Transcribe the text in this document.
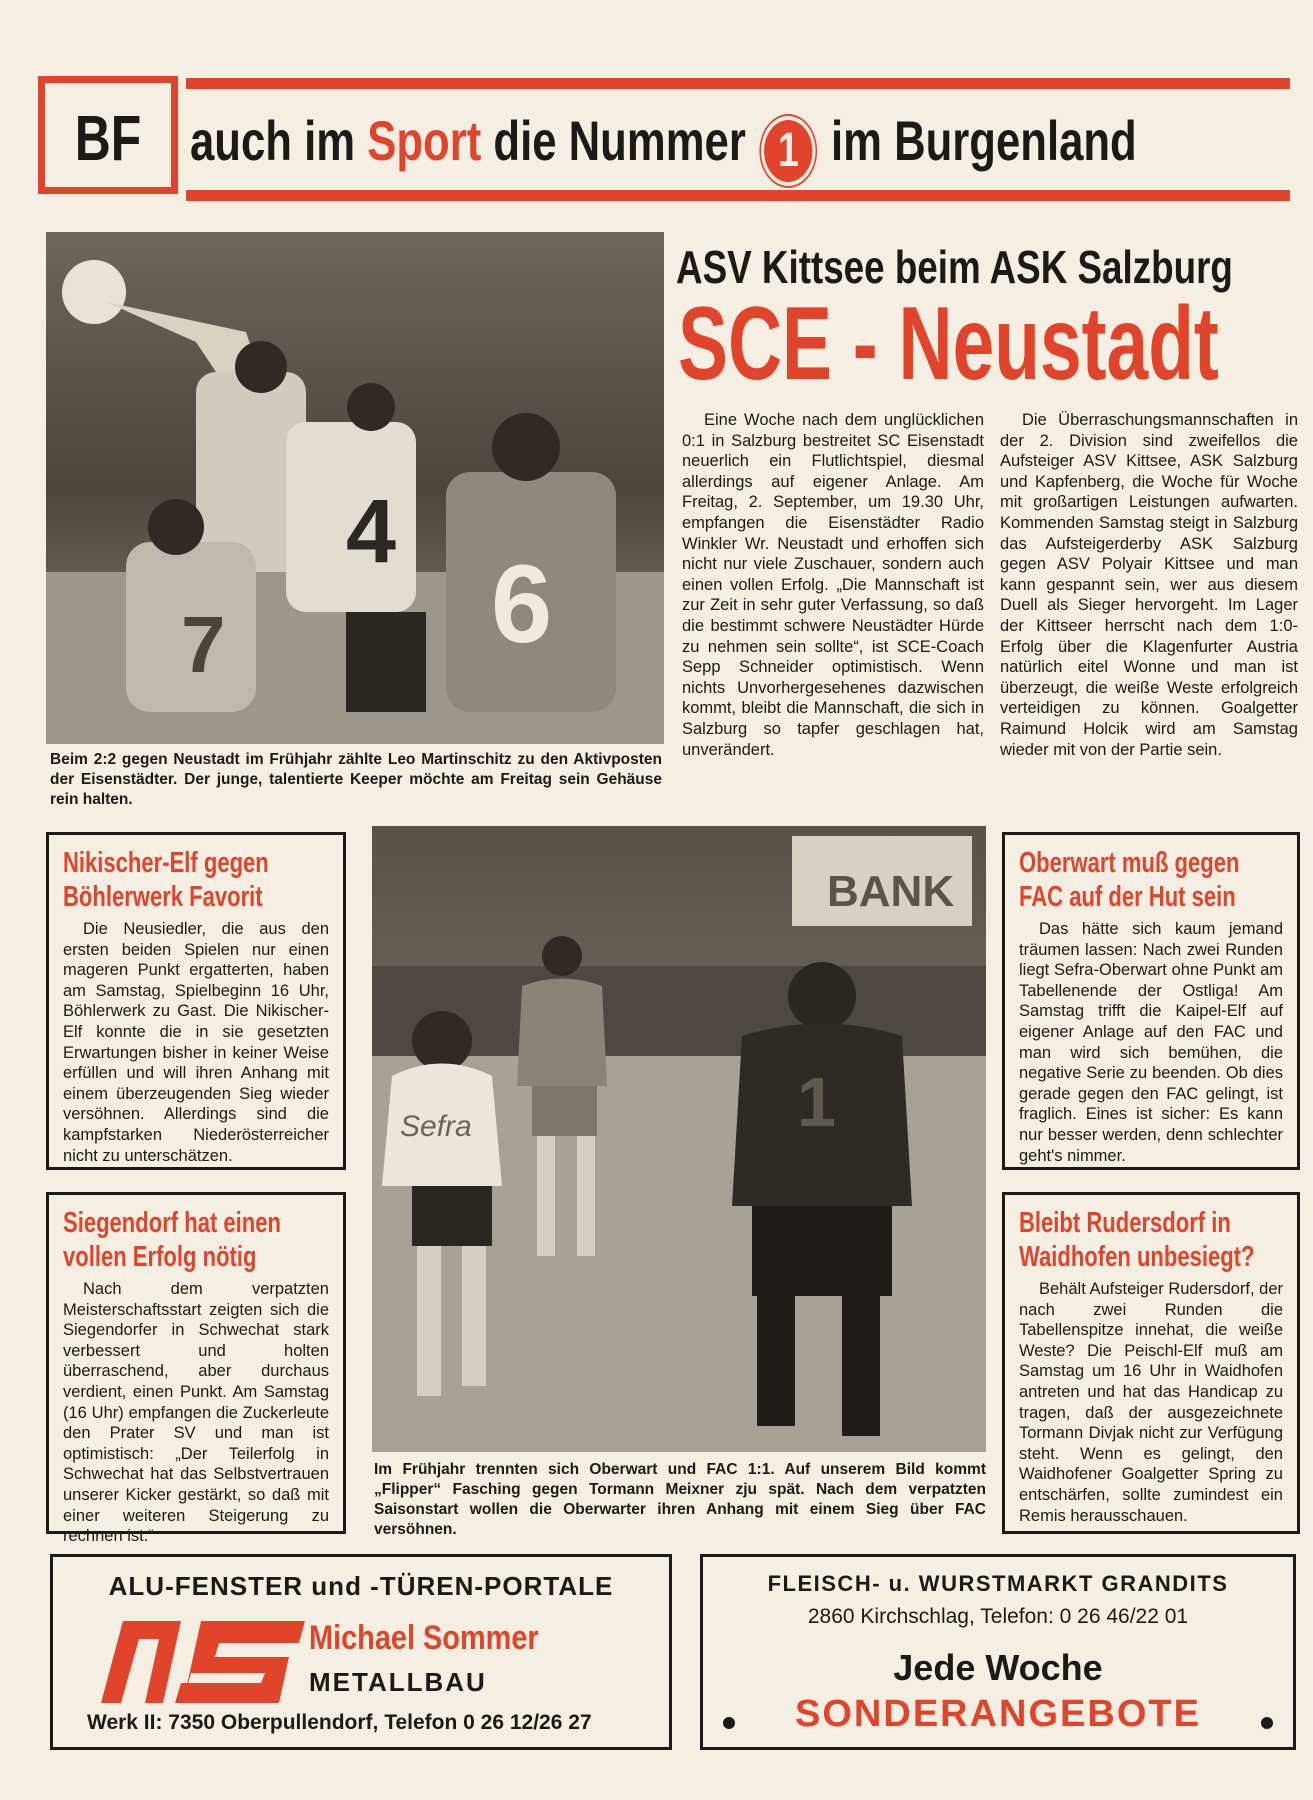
BF auch im Sport die Nummer 1 im Burgenland
4
6
7
Beim 2:2 gegen Neustadt im Frühjahr zählte Leo Martinschitz zu den Aktivposten der Eisenstädter. Der junge, talentierte Keeper möchte am Freitag sein Gehäuse rein halten.
ASV Kittsee beim ASK Salzburg
SCE - Neustadt
Eine Woche nach dem unglücklichen 0:1 in Salzburg bestreitet SC Eisenstadt neuerlich ein Flutlichtspiel, diesmal allerdings auf eigener Anlage. Am Freitag, 2. September, um 19.30 Uhr, empfangen die Eisenstädter Radio Winkler Wr. Neustadt und erhoffen sich nicht nur viele Zuschauer, sondern auch einen vollen Erfolg. „Die Mannschaft ist zur Zeit in sehr guter Verfassung, so daß die bestimmt schwere Neustädter Hürde zu nehmen sein sollte“, ist SCE-Coach Sepp Schneider optimistisch. Wenn nichts Unvorhergesehenes dazwischen kommt, bleibt die Mannschaft, die sich in Salzburg so tapfer geschlagen hat, unverändert.
Die Überraschungsmannschaften in der 2. Division sind zweifellos die Aufsteiger ASV Kittsee, ASK Salzburg und Kapfenberg, die Woche für Woche mit großartigen Leistungen aufwarten. Kommenden Samstag steigt in Salzburg das Aufsteigerderby ASK Salzburg gegen ASV Polyair Kittsee und man kann gespannt sein, wer aus diesem Duell als Sieger hervorgeht. Im Lager der Kittseer herrscht nach dem 1:0-Erfolg über die Klagenfurter Austria natürlich eitel Wonne und man ist überzeugt, die weiße Weste erfolgreich verteidigen zu können. Goalgetter Raimund Holcik wird am Samstag wieder mit von der Partie sein.
Nikischer-Elf gegen
Böhlerwerk Favorit
Die Neusiedler, die aus den ersten beiden Spielen nur einen mageren Punkt ergatterten, haben am Samstag, Spielbeginn 16 Uhr, Böhlerwerk zu Gast. Die Nikischer-Elf konnte die in sie gesetzten Erwartungen bisher in keiner Weise erfüllen und will ihren Anhang mit einem überzeugenden Sieg wieder versöhnen. Allerdings sind die kampfstarken Niederösterreicher nicht zu unterschätzen.
Siegendorf hat einen
vollen Erfolg nötig
Nach dem verpatzten Meisterschaftsstart zeigten sich die Siegendorfer in Schwechat stark verbessert und holten überraschend, aber durchaus verdient, einen Punkt. Am Samstag (16 Uhr) empfangen die Zuckerleute den Prater SV und man ist optimistisch: „Der Teilerfolg in Schwechat hat das Selbstvertrauen unserer Kicker gestärkt, so daß mit einer weiteren Steigerung zu rechnen ist.“
BANK
Sefra	1
Im Frühjahr trennten sich Oberwart und FAC 1:1. Auf unserem Bild kommt „Flipper“ Fasching gegen Tormann Meixner zju spät. Nach dem verpatzten Saisonstart wollen die Oberwarter ihren Anhang mit einem Sieg über FAC versöhnen.
Oberwart muß gegen
FAC auf der Hut sein
Das hätte sich kaum jemand träumen lassen: Nach zwei Runden liegt Sefra-Oberwart ohne Punkt am Tabellenende der Ostliga! Am Samstag trifft die Kaipel-Elf auf eigener Anlage auf den FAC und man wird sich bemühen, die negative Serie zu beenden. Ob dies gerade gegen den FAC gelingt, ist fraglich. Eines ist sicher: Es kann nur besser werden, denn schlechter geht's nimmer.
Bleibt Rudersdorf in
Waidhofen unbesiegt?
Behält Aufsteiger Rudersdorf, der nach zwei Runden die Tabellenspitze innehat, die weiße Weste? Die Peischl-Elf muß am Samstag um 16 Uhr in Waidhofen antreten und hat das Handicap zu tragen, daß der ausgezeichnete Tormann Divjak nicht zur Verfügung steht. Wenn es gelingt, den Waidhofener Goalgetter Spring zu entschärfen, sollte zumindest ein Remis herausschauen.
ALU-FENSTER und -TÜREN-PORTALE
Michael Sommer
METALLBAU
Werk II: 7350 Oberpullendorf, Telefon 0 26 12/26 27
FLEISCH- u. WURSTMARKT GRANDITS
2860 Kirchschlag, Telefon: 0 26 46/22 01
Jede Woche
SONDERANGEBOTE
